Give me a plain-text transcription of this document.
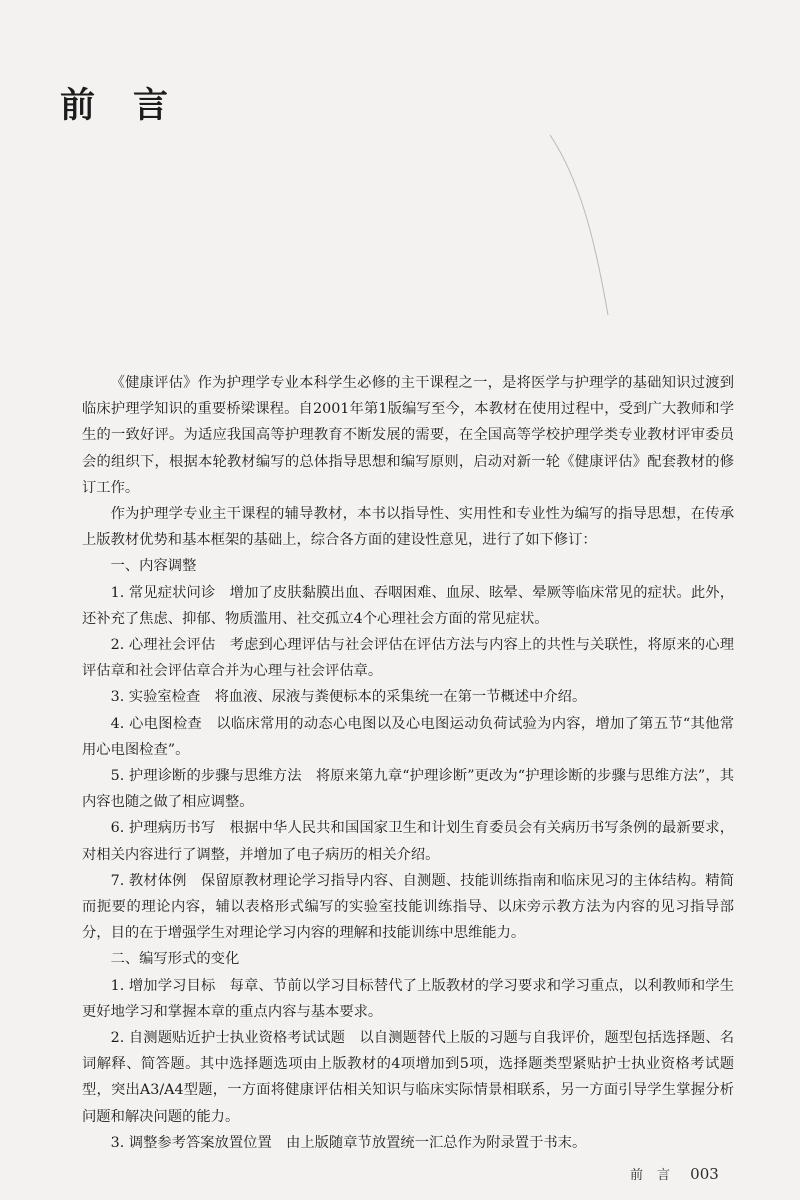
前言

《健康评估》作为护理学专业本科学生必修的主干课程之一，是将医学与护理学的基础知识过渡到临床护理学知识的重要桥梁课程。自2001年第1版编写至今，本教材在使用过程中，受到广大教师和学生的一致好评。为适应我国高等护理教育不断发展的需要，在全国高等学校护理学类专业教材评审委员会的组织下，根据本轮教材编写的总体指导思想和编写原则，启动对新一轮《健康评估》配套教材的修订工作。

作为护理学专业主干课程的辅导教材，本书以指导性、实用性和专业性为编写的指导思想，在传承上版教材优势和基本框架的基础上，综合各方面的建设性意见，进行了如下修订：

一、内容调整

1. 常见症状问诊 增加了皮肤黏膜出血、吞咽困难、血尿、眩晕、晕厥等临床常见的症状。此外，还补充了焦虑、抑郁、物质滥用、社交孤立4个心理社会方面的常见症状。

2. 心理社会评估 考虑到心理评估与社会评估在评估方法与内容上的共性与关联性，将原来的心理评估章和社会评估章合并为心理与社会评估章。

3. 实验室检查 将血液、尿液与粪便标本的采集统一在第一节概述中介绍。

4. 心电图检查 以临床常用的动态心电图以及心电图运动负荷试验为内容，增加了第五节“其他常用心电图检查”。

5. 护理诊断的步骤与思维方法 将原来第九章“护理诊断”更改为“护理诊断的步骤与思维方法”，其内容也随之做了相应调整。

6. 护理病历书写 根据中华人民共和国国家卫生和计划生育委员会有关病历书写条例的最新要求，对相关内容进行了调整，并增加了电子病历的相关介绍。

7. 教材体例 保留原教材理论学习指导内容、自测题、技能训练指南和临床见习的主体结构。精简而扼要的理论内容，辅以表格形式编写的实验室技能训练指导、以床旁示教方法为内容的见习指导部分，目的在于增强学生对理论学习内容的理解和技能训练中思维能力。

二、编写形式的变化

1. 增加学习目标 每章、节前以学习目标替代了上版教材的学习要求和学习重点，以利教师和学生更好地学习和掌握本章的重点内容与基本要求。

2. 自测题贴近护士执业资格考试试题 以自测题替代上版的习题与自我评价，题型包括选择题、名词解释、简答题。其中选择题选项由上版教材的4项增加到5项，选择题类型紧贴护士执业资格考试题型，突出A3/A4型题，一方面将健康评估相关知识与临床实际情景相联系，另一方面引导学生掌握分析问题和解决问题的能力。

3. 调整参考答案放置位置 由上版随章节放置统一汇总作为附录置于书末。

前言 003
